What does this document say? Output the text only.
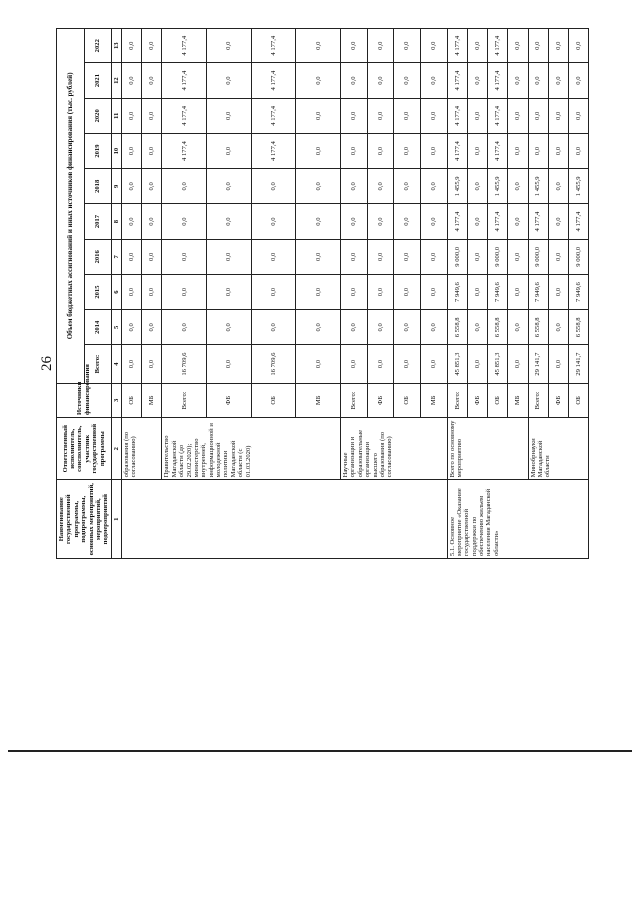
26
Наименование государственной программы, подпрограммы, основных мероприятий, мероприятий, подмероприятий	Ответственный исполнитель, соисполнитель, участник государственной программы	Источники финансирования	Объем бюджетных ассигнований и иных источников финансирования (тыс. рублей)									
			Всего:	2014	2015	2016	2017	2018	2019	2020	2021	2022
1	2	3	4	5	6	7	8	9	10	11	12	13
	образования (по согласованию)	ОБ	0,0	0,0	0,0	0,0	0,0	0,0	0,0	0,0	0,0	0,0
		МБ	0,0	0,0	0,0	0,0	0,0	0,0	0,0	0,0	0,0	0,0
	Правительство Магаданской области (до 29.02.2020); министерство внутренней, информационной и молодежной политики Магаданской области (с 01.03.2020)	Всего:	16 709,6	0,0	0,0	0,0	0,0	0,0	4 177,4	4 177,4	4 177,4	4 177,4
		ФБ	0,0	0,0	0,0	0,0	0,0	0,0	0,0	0,0	0,0	0,0
		ОБ	16 709,6	0,0	0,0	0,0	0,0	0,0	4 177,4	4 177,4	4 177,4	4 177,4
		МБ	0,0	0,0	0,0	0,0	0,0	0,0	0,0	0,0	0,0	0,0
	Научные организации и образовательные организации высшего образования (по согласованию)	Всего:	0,0	0,0	0,0	0,0	0,0	0,0	0,0	0,0	0,0	0,0
		ФБ	0,0	0,0	0,0	0,0	0,0	0,0	0,0	0,0	0,0	0,0
		ОБ	0,0	0,0	0,0	0,0	0,0	0,0	0,0	0,0	0,0	0,0
		МБ	0,0	0,0	0,0	0,0	0,0	0,0	0,0	0,0	0,0	0,0
5.1. Основное мероприятие «Оказание государственной поддержки по обеспечению жильем населения Магаданской области»	Всего по основному мероприятию	Всего:	45 851,3	6 558,8	7 949,6	9 000,0	4 177,4	1 455,9	4 177,4	4 177,4	4 177,4	4 177,4
		ФБ	0,0	0,0	0,0	0,0	0,0	0,0	0,0	0,0	0,0	0,0
		ОБ	45 851,3	6 558,8	7 949,6	9 000,0	4 177,4	1 455,9	4 177,4	4 177,4	4 177,4	4 177,4
		МБ	0,0	0,0	0,0	0,0	0,0	0,0	0,0	0,0	0,0	0,0
	Минобрнауки Магаданской области	Всего:	29 141,7	6 558,8	7 949,6	9 000,0	4 177,4	1 455,9	0,0	0,0	0,0	0,0
		ФБ	0,0	0,0	0,0	0,0	0,0	0,0	0,0	0,0	0,0	0,0
		ОБ	29 141,7	6 558,8	7 949,6	9 000,0	4 177,4	1 455,9	0,0	0,0	0,0	0,0
